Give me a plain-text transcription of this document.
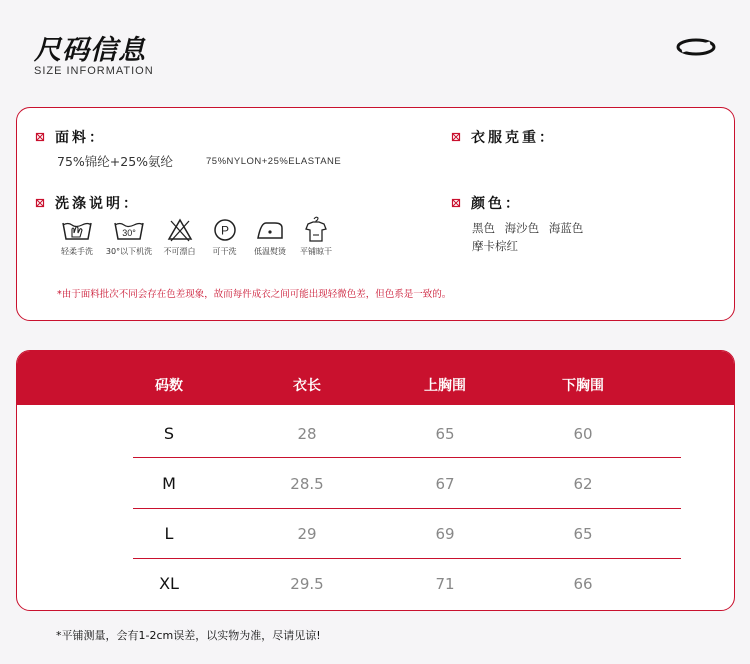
尺码信息
SIZE INFORMATION
面料：
75%锦纶+25%氨纶	75%NYLON+25%ELASTANE
衣服克重：
洗涤说明：
轻柔手洗
30°
30°以下机洗 不可漂白
P
可干洗 低温熨烫 平铺晾干
颜色：
黑色 海沙色 海蓝色
摩卡棕红
*由于面料批次不同会存在色差现象，故而每件成衣之间可能出现轻微色差，但色系是一致的。
码数	衣长	上胸围	下胸围
S	28	65	60
M	28.5	67	62
L	29	69	65
XL	29.5	71	66
*平铺测量，会有1-2cm误差，以实物为准，尽请见谅!
